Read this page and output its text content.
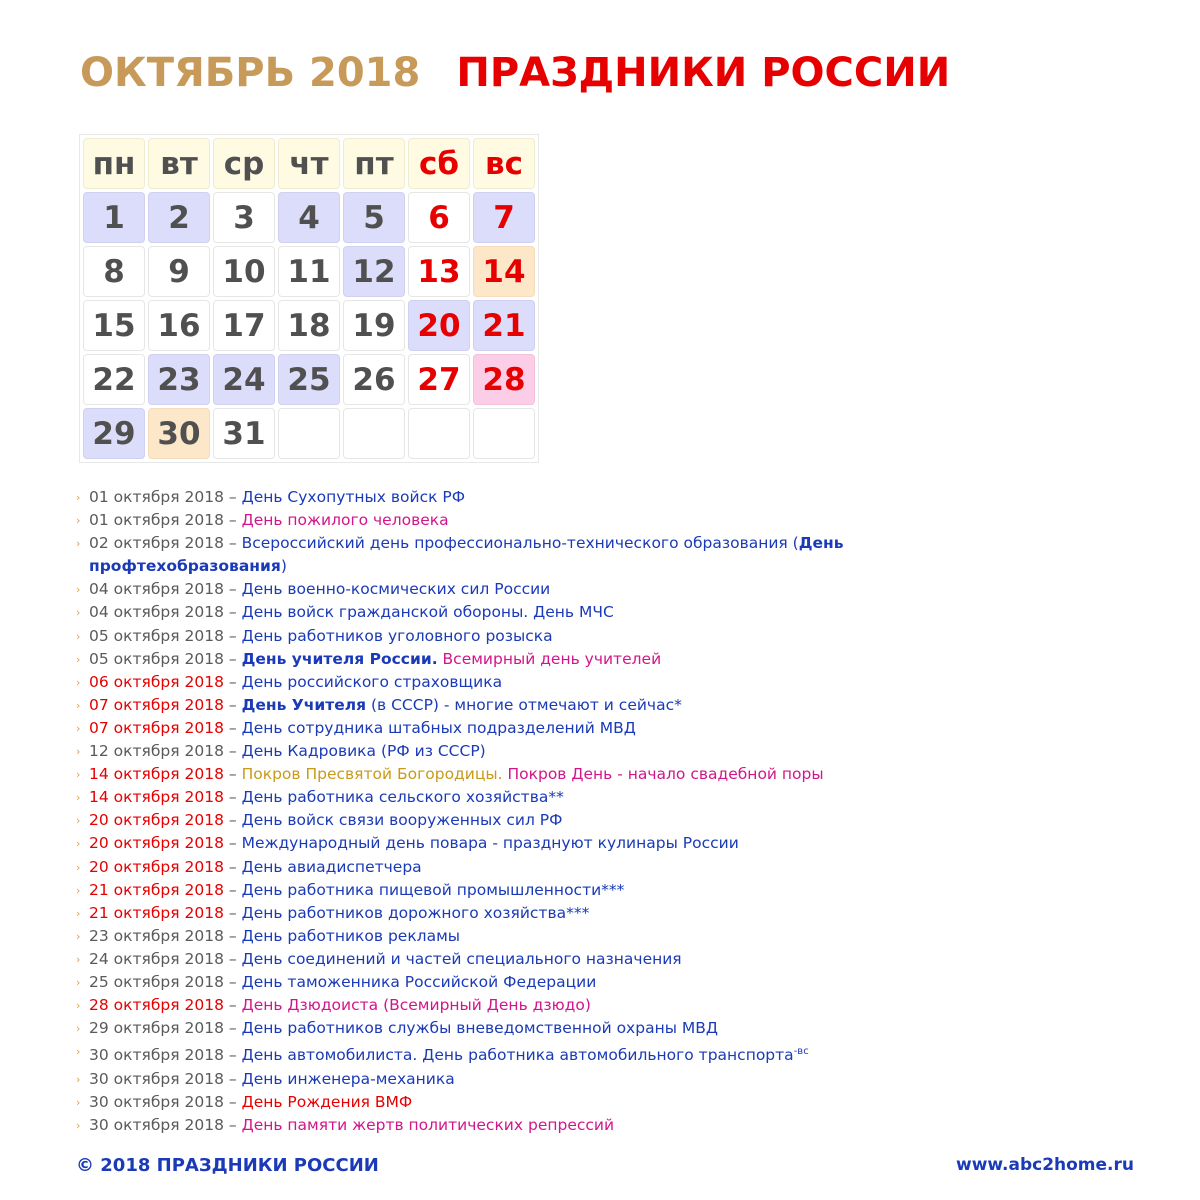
ОКТЯБРЬ 2018 ПРАЗДНИКИ РОССИИ
пн вт ср чт пт сб вс
1	2	3	4	5	6	7
8	9	10 11 12 13 14
15 16 17 18 19 20 21
22 23 24 25 26 27 28
29 30 31
› 01 октября 2018 – День Сухопутных войск РФ
› 01 октября 2018 – День пожилого человека
› 02 октября 2018 – Всероссийский день профессионально-технического образования (День профтехобразования)
› 04 октября 2018 – День военно-космических сил России
› 04 октября 2018 – День войск гражданской обороны. День МЧС
› 05 октября 2018 – День работников уголовного розыска
› 05 октября 2018 – День учителя России. Всемирный день учителей
› 06 октября 2018 – День российского страховщика
› 07 октября 2018 – День Учителя (в СССР) - многие отмечают и сейчас*
› 07 октября 2018 – День сотрудника штабных подразделений МВД
› 12 октября 2018 – День Кадровика (РФ из СССР)
› 14 октября 2018 – Покров Пресвятой Богородицы. Покров День - начало свадебной поры
› 14 октября 2018 – День работника сельского хозяйства**
› 20 октября 2018 – День войск связи вооруженных сил РФ
› 20 октября 2018 – Международный день повара - празднуют кулинары России
› 20 октября 2018 – День авиадиспетчера
› 21 октября 2018 – День работника пищевой промышленности***
› 21 октября 2018 – День работников дорожного хозяйства***
› 23 октября 2018 – День работников рекламы
› 24 октября 2018 – День соединений и частей специального назначения
› 25 октября 2018 – День таможенника Российской Федерации
› 28 октября 2018 – День Дзюдоиста (Всемирный День дзюдо)
› 29 октября 2018 – День работников службы вневедомственной охраны МВД
› 30 октября 2018 – День автомобилиста. День работника автомобильного транспорта$^{-вс}$
› 30 октября 2018 – День инженера-механика
› 30 октября 2018 – День Рождения ВМФ
› 30 октября 2018 – День памяти жертв политических репрессий
© 2018 ПРАЗДНИКИ РОССИИ	www.abc2home.ru
